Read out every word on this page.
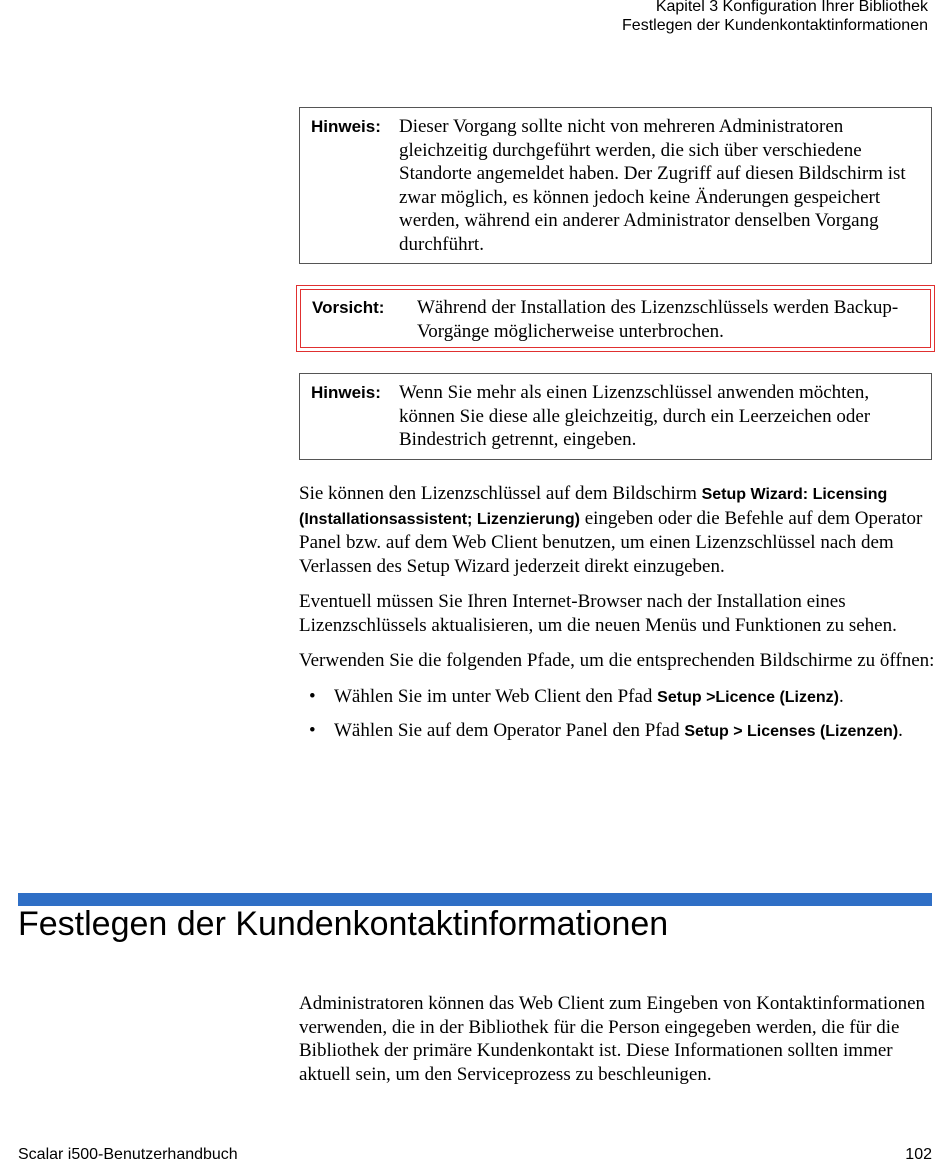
Kapitel 3 Konfiguration Ihrer Bibliothek
Festlegen der Kundenkontaktinformationen
Hinweis: Dieser Vorgang sollte nicht von mehreren Administratoren gleichzeitig durchgeführt werden, die sich über verschiedene Standorte angemeldet haben. Der Zugriff auf diesen Bildschirm ist zwar möglich, es können jedoch keine Änderungen gespeichert werden, während ein anderer Administrator denselben Vorgang durchführt.
Vorsicht:	Während der Installation des Lizenzschlüssels werden Backup-Vorgänge möglicherweise unterbrochen.
Hinweis: Wenn Sie mehr als einen Lizenzschlüssel anwenden möchten, können Sie diese alle gleichzeitig, durch ein Leerzeichen oder Bindestrich getrennt, eingeben.

Sie können den Lizenzschlüssel auf dem Bildschirm Setup Wizard: Licensing (Installationsassistent; Lizenzierung) eingeben oder die Befehle auf dem Operator Panel bzw. auf dem Web Client benutzen, um einen Lizenzschlüssel nach dem Verlassen des Setup Wizard jederzeit direkt einzugeben.

Eventuell müssen Sie Ihren Internet-Browser nach der Installation eines Lizenzschlüssels aktualisieren, um die neuen Menüs und Funktionen zu sehen.

Verwenden Sie die folgenden Pfade, um die entsprechenden Bildschirme zu öffnen:

• Wählen Sie im unter Web Client den Pfad Setup >Licence (Lizenz).
• Wählen Sie auf dem Operator Panel den Pfad Setup > Licenses (Lizenzen).
Festlegen der Kundenkontaktinformationen

Administratoren können das Web Client zum Eingeben von Kontaktinformationen verwenden, die in der Bibliothek für die Person eingegeben werden, die für die Bibliothek der primäre Kundenkontakt ist. Diese Informationen sollten immer aktuell sein, um den Serviceprozess zu beschleunigen.

Scalar i500-Benutzerhandbuch	102
